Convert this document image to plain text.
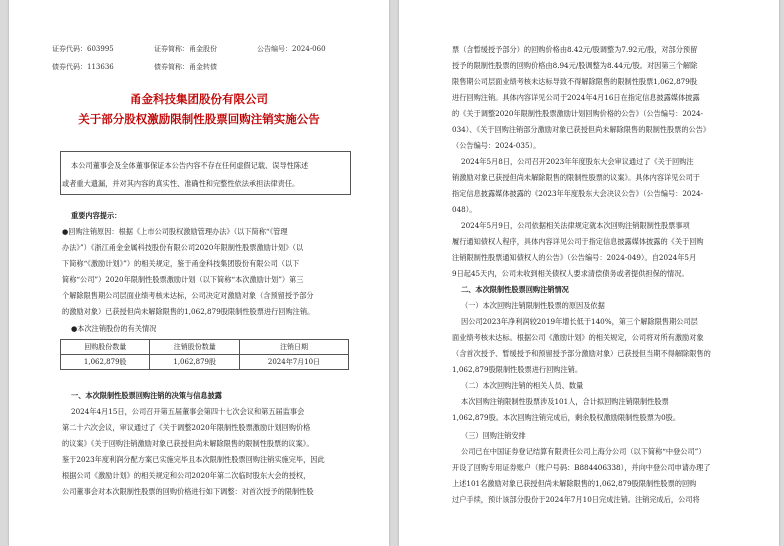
证券代码：603995	证券简称：甬金股份	公告编号：2024-060
债券代码：113636	债券简称：甬金转债
甬金科技集团股份有限公司
关于部分股权激励限制性股票回购注销实施公告
本公司董事会及全体董事保证本公告内容不存在任何虚假记载、误导性陈述
或者重大遗漏，并对其内容的真实性、准确性和完整性依法承担法律责任。
重要内容提示：
●回购注销原因：根据《上市公司股权激励管理办法》（以下简称“《管理
办法》”）《浙江甬金金属科技股份有限公司2020年限制性股票激励计划》（以
下简称“《激励计划》”）的相关规定，鉴于甬金科技集团股份有限公司（以下
简称“公司”）2020年限制性股票激励计划（以下简称“本次激励计划”）第三
个解除限售期公司层面业绩考核未达标，公司决定对激励对象（含预留授予部分
的激励对象）已获授但尚未解除限售的1,062,879股限制性股票进行回购注销。
●本次注销股份的有关情况
回购股份数量	注销股份数量	注销日期
1,062,879股	1,062,879股	2024年7月10日
一、本次限制性股票回购注销的决策与信息披露
2024年4月15日，公司召开第五届董事会第四十七次会议和第五届监事会
第二十六次会议，审议通过了《关于调整2020年限制性股票激励计划回购价格
的议案》《关于回购注销激励对象已获授但尚未解除限售的限制性股票的议案》。
鉴于2023年度利润分配方案已实施完毕且本次限制性股票回购注销实施完毕，因此
根据公司《激励计划》的相关规定和公司2020年第二次临时股东大会的授权，
公司董事会对本次限制性股票的回购价格进行如下调整：对首次授予的限制性股
票（含暂缓授予部分）的回购价格由8.42元/股调整为7.92元/股，对部分预留
授予的限制性股票的回购价格由8.94元/股调整为8.44元/股。对因第三个解除
限售期公司层面业绩考核未达标导致不得解除限售的限制性股票1,062,879股
进行回购注销。具体内容详见公司于2024年4月16日在指定信息披露媒体披露
的《关于调整2020年限制性股票激励计划回购价格的公告》（公告编号：2024-
034）、《关于回购注销部分激励对象已获授但尚未解除限售的限制性股票的公告》
（公告编号：2024-035）。
2024年5月8日，公司召开2023年年度股东大会审议通过了《关于回购注
销激励对象已获授但尚未解除限售的限制性股票的议案》。具体内容详见公司于
指定信息披露媒体披露的《2023年年度股东大会决议公告》（公告编号：2024-
048）。
2024年5月9日，公司依据相关法律规定就本次回购注销限制性股票事项
履行通知债权人程序，具体内容详见公司于指定信息披露媒体披露的《关于回购
注销限制性股票通知债权人的公告》（公告编号：2024-049）。自2024年5月
9日起45天内，公司未收到相关债权人要求清偿债务或者提供担保的情况。
二、本次限制性股票回购注销情况
（一）本次回购注销限制性股票的原因及依据
因公司2023年净利润较2019年增长低于140%，第三个解除限售期公司层
面业绩考核未达标。根据公司《激励计划》的相关规定，公司将对所有激励对象
（含首次授予、暂缓授予和预留授予部分激励对象）已获授但当期不得解除限售的
1,062,879股限制性股票进行回购注销。
（二）本次回购注销的相关人员、数量
本次回购注销限制性股票涉及101人，合计拟回购注销限制性股票
1,062,879股。本次回购注销完成后，剩余股权激励限制性股票为0股。
（三）回购注销安排
公司已在中国证券登记结算有限责任公司上海分公司（以下简称“中登公司”）
开设了回购专用证券账户（账户号码：B884406338），并向中登公司申请办理了
上述101名激励对象已获授但尚未解除限售的1,062,879股限制性股票的回购
过户手续，预计该部分股份于2024年7月10日完成注销。注销完成后，公司将
